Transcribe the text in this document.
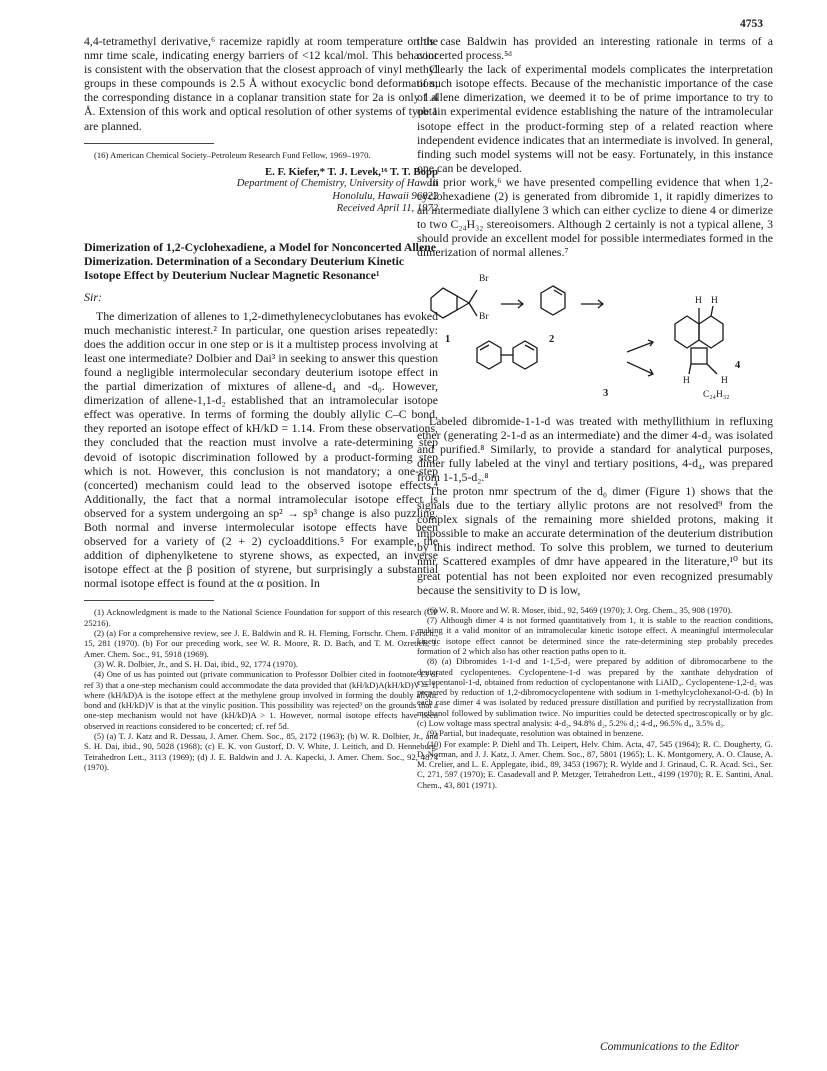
4753

4,4-tetramethyl derivative,⁶ racemize rapidly at room temperature on the nmr time scale, indicating energy barriers of <12 kcal/mol. This behavior is consistent with the observation that the closest approach of vinyl methyl groups in these compounds is 2.5 Å without exocyclic bond deformation; the corresponding distance in a coplanar transition state for 2a is only 1.4 Å. Extension of this work and optical resolution of other systems of type 1 are planned.

(16) American Chemical Society–Petroleum Research Fund Fellow, 1969–1970.

E. F. Kiefer,* T. J. Levek,¹⁶ T. T. Bopp
Department of Chemistry, University of Hawaii
Honolulu, Hawaii 96822
Received April 11, 1972
Dimerization of 1,2-Cyclohexadiene, a Model for Nonconcerted Allene Dimerization. Determination of a Secondary Deuterium Kinetic Isotope Effect by Deuterium Nuclear Magnetic Resonance¹
Sir:

The dimerization of allenes to 1,2-dimethylenecyclobutanes has evoked much mechanistic interest.² In particular, one question arises repeatedly: does the addition occur in one step or is it a multistep process involving at least one intermediate? Dolbier and Dai³ in seeking to answer this question found a negligible intermolecular secondary deuterium isotope effect in the partial dimerization of mixtures of allene-d₄ and -d₀. However, dimerization of allene-1,1-d₂ established that an intramolecular isotope effect was operative. In terms of forming the doubly allylic C–C bond, they reported an isotope effect of kH/kD = 1.14. From these observations, they concluded that the reaction must involve a rate-determining step devoid of isotopic discrimination followed by a product-forming step which is not. However, this conclusion is not mandatory; a one-step (concerted) mechanism could lead to the observed isotope effects.⁴ Additionally, the fact that a normal intramolecular isotope effect is observed for a system undergoing an sp² → sp³ change is also puzzling. Both normal and inverse intermolecular isotope effects have been observed for a variety of (2 + 2) cycloadditions.⁵ For example, the addition of diphenylketene to styrene shows, as expected, an inverse isotope effect at the β position of styrene, but surprisingly a substantial normal isotope effect is found at the α position. In

(1) Acknowledgment is made to the National Science Foundation for support of this research (GP 25216).

(2) (a) For a comprehensive review, see J. E. Baldwin and R. H. Fleming, Fortschr. Chem. Forsch., 15, 281 (1970). (b) For our preceding work, see W. R. Moore, R. D. Bach, and T. M. Ozretich, J. Amer. Chem. Soc., 91, 5918 (1969).

(3) W. R. Dolbier, Jr., and S. H. Dai, ibid., 92, 1774 (1970).

(4) One of us has pointed out (private communication to Professor Dolbier cited in footnote 13 of ref 3) that a one-step mechanism could accommodate the data provided that (kH/kD)A(kH/kD)V ≃ 1, where (kH/kD)A is the isotope effect at the methylene group involved in forming the doubly allylic bond and (kH/kD)V is that at the vinylic position. This possibility was rejected³ on the grounds that a one-step mechanism would not have (kH/kD)A > 1. However, normal isotope effects have been observed in reactions considered to be concerted; cf. ref 5d.

(5) (a) T. J. Katz and R. Dessau, J. Amer. Chem. Soc., 85, 2172 (1963); (b) W. R. Dolbier, Jr., and S. H. Dai, ibid., 90, 5028 (1968); (c) E. K. von Gustorf, D. V. White, J. Leitich, and D. Henneburg, Tetrahedron Lett., 3113 (1969); (d) J. E. Baldwin and J. A. Kapecki, J. Amer. Chem. Soc., 92, 4874 (1970).

this case Baldwin has provided an interesting rationale in terms of a concerted process.⁵ᵈ

Clearly the lack of experimental models complicates the interpretation of such isotope effects. Because of the mechanistic importance of the case of allene dimerization, we deemed it to be of prime importance to try to obtain experimental evidence establishing the nature of the intramolecular isotope effect in the product-forming step of a related reaction where independent evidence indicates that an intermediate is involved. In general, finding such model systems will not be easy. Fortunately, in this instance one can be developed.

In prior work,⁶ we have presented compelling evidence that when 1,2-cyclohexadiene (2) is generated from dibromide 1, it rapidly dimerizes to an intermediate diallylene 3 which can either cyclize to diene 4 or dimerize to two C₂₄H₃₂ stereoisomers. Although 2 certainly is not a typical allene, 3 should provide an excellent model for possible intermediates formed in the dimerization of normal allenes.⁷

Br
Br
H H
H	H
1	2
3
4
C₂₄H₃₂

Labeled dibromide-1-1-d was treated with methyllithium in refluxing ether (generating 2-1-d as an intermediate) and the dimer 4-d₂ was isolated and purified.⁸ Similarly, to provide a standard for analytical purposes, dimer fully labeled at the vinyl and tertiary positions, 4-d₄, was prepared from 1-1,5-d₂.⁸

The proton nmr spectrum of the d₀ dimer (Figure 1) shows that the signals due to the tertiary allylic protons are not resolved⁹ from the complex signals of the remaining more shielded protons, making it impossible to make an accurate determination of the deuterium distribution by this indirect method. To solve this problem, we turned to deuterium nmr. Scattered examples of dmr have appeared in the literature,¹⁰ but its great potential has not been exploited nor even recognized presumably because the sensitivity to D is low,

(6) W. R. Moore and W. R. Moser, ibid., 92, 5469 (1970); J. Org. Chem., 35, 908 (1970).

(7) Although dimer 4 is not formed quantitatively from 1, it is stable to the reaction conditions, making it a valid monitor of an intramolecular kinetic isotope effect. A meaningful intermolecular kinetic isotope effect cannot be determined since the rate-determining step probably precedes formation of 2 which also has other reaction paths open to it.

(8) (a) Dibromides 1-1-d and 1-1,5-d₂ were prepared by addition of dibromocarbene to the deuterated cyclopentenes. Cyclopentene-1-d was prepared by the xanthate dehydration of cyclopentanol-1-d, obtained from reduction of cyclopentanone with LiAlD₄. Cyclopentene-1,2-d₂ was prepared by reduction of 1,2-dibromocyclopentene with sodium in 1-methylcyclohexanol-O-d. (b) In each case dimer 4 was isolated by reduced pressure distillation and purified by recrystallization from methanol followed by sublimation twice. No impurities could be detected spectroscopically or by glc. (c) Low voltage mass spectral analysis: 4-d₂, 94.8% d₂, 5.2% d₁; 4-d₄, 96.5% d₄, 3.5% d₃.

(9) Partial, but inadequate, resolution was obtained in benzene.

(10) For example: P. Diehl and Th. Leipert, Helv. Chim. Acta, 47, 545 (1964); R. C. Dougherty, G. D. Norman, and J. J. Katz, J. Amer. Chem. Soc., 87, 5801 (1965); L. K. Montgomery, A. O. Clause, A. M. Crelier, and L. E. Applegate, ibid., 89, 3453 (1967); R. Wylde and J. Grinaud, C. R. Acad. Sci., Ser. C, 271, 597 (1970); E. Casadevall and P. Metzger, Tetrahedron Lett., 4199 (1970); R. E. Santini, Anal. Chem., 43, 801 (1971).

Communications to the Editor
